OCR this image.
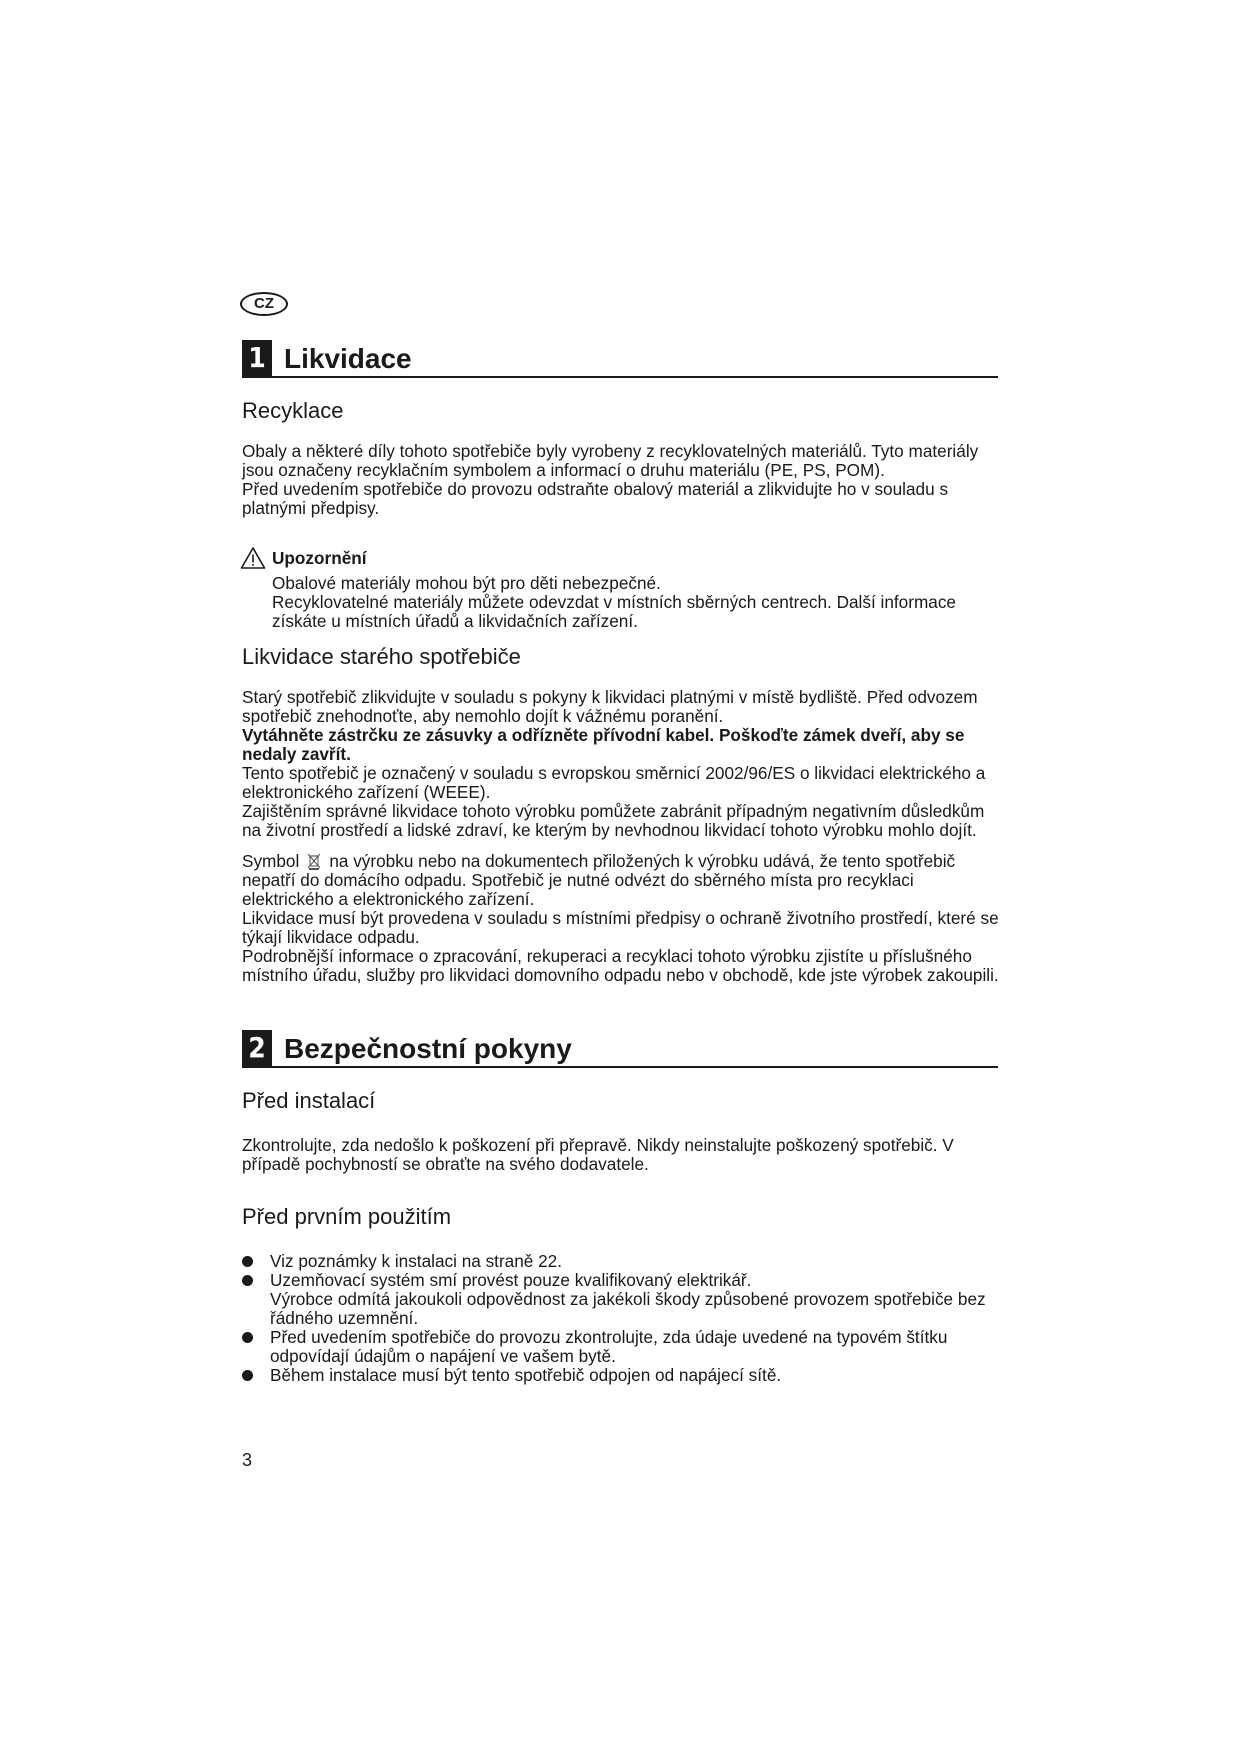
CZ
1 Likvidace
Recyklace

Obaly a některé díly tohoto spotřebiče byly vyrobeny z recyklovatelných materiálů. Tyto materiály jsou označeny recyklačním symbolem a informací o druhu materiálu (PE, PS, POM).

Před uvedením spotřebiče do provozu odstraňte obalový materiál a zlikvidujte ho v souladu s platnými předpisy.

Upozornění

Obalové materiály mohou být pro děti nebezpečné.

Recyklovatelné materiály můžete odevzdat v místních sběrných centrech. Další informace získáte u místních úřadů a likvidačních zařízení.

Likvidace starého spotřebiče

Starý spotřebič zlikvidujte v souladu s pokyny k likvidaci platnými v místě bydliště. Před odvozem spotřebič znehodnoťte, aby nemohlo dojít k vážnému poranění.

Vytáhněte zástrčku ze zásuvky a odřízněte přívodní kabel. Poškoďte zámek dveří, aby se nedaly zavřít.

Tento spotřebič je označený v souladu s evropskou směrnicí 2002/96/ES o likvidaci elektrického a elektronického zařízení (WEEE).

Zajištěním správné likvidace tohoto výrobku pomůžete zabránit případným negativním důsledkům na životní prostředí a lidské zdraví, ke kterým by nevhodnou likvidací tohoto výrobku mohlo dojít.

Symbol na výrobku nebo na dokumentech přiložených k výrobku udává, že tento spotřebič nepatří do domácího odpadu. Spotřebič je nutné odvézt do sběrného místa pro recyklaci elektrického a elektronického zařízení.

Likvidace musí být provedena v souladu s místními předpisy o ochraně životního prostředí, které se týkají likvidace odpadu.

Podrobnější informace o zpracování, rekuperaci a recyklaci tohoto výrobku zjistíte u příslušného místního úřadu, služby pro likvidaci domovního odpadu nebo v obchodě, kde jste výrobek zakoupili.

2 Bezpečnostní pokyny
Před instalací
Zkontrolujte, zda nedošlo k poškození při přepravě. Nikdy neinstalujte poškozený spotřebič. V případě pochybností se obraťte na svého dodavatele.
Před prvním použitím
Viz poznámky k instalaci na straně 22.
Uzemňovací systém smí provést pouze kvalifikovaný elektrikář.
Výrobce odmítá jakoukoli odpovědnost za jakékoli škody způsobené provozem spotřebiče bez řádného uzemnění.
Před uvedením spotřebiče do provozu zkontrolujte, zda údaje uvedené na typovém štítku odpovídají údajům o napájení ve vašem bytě.
Během instalace musí být tento spotřebič odpojen od napájecí sítě.
3
